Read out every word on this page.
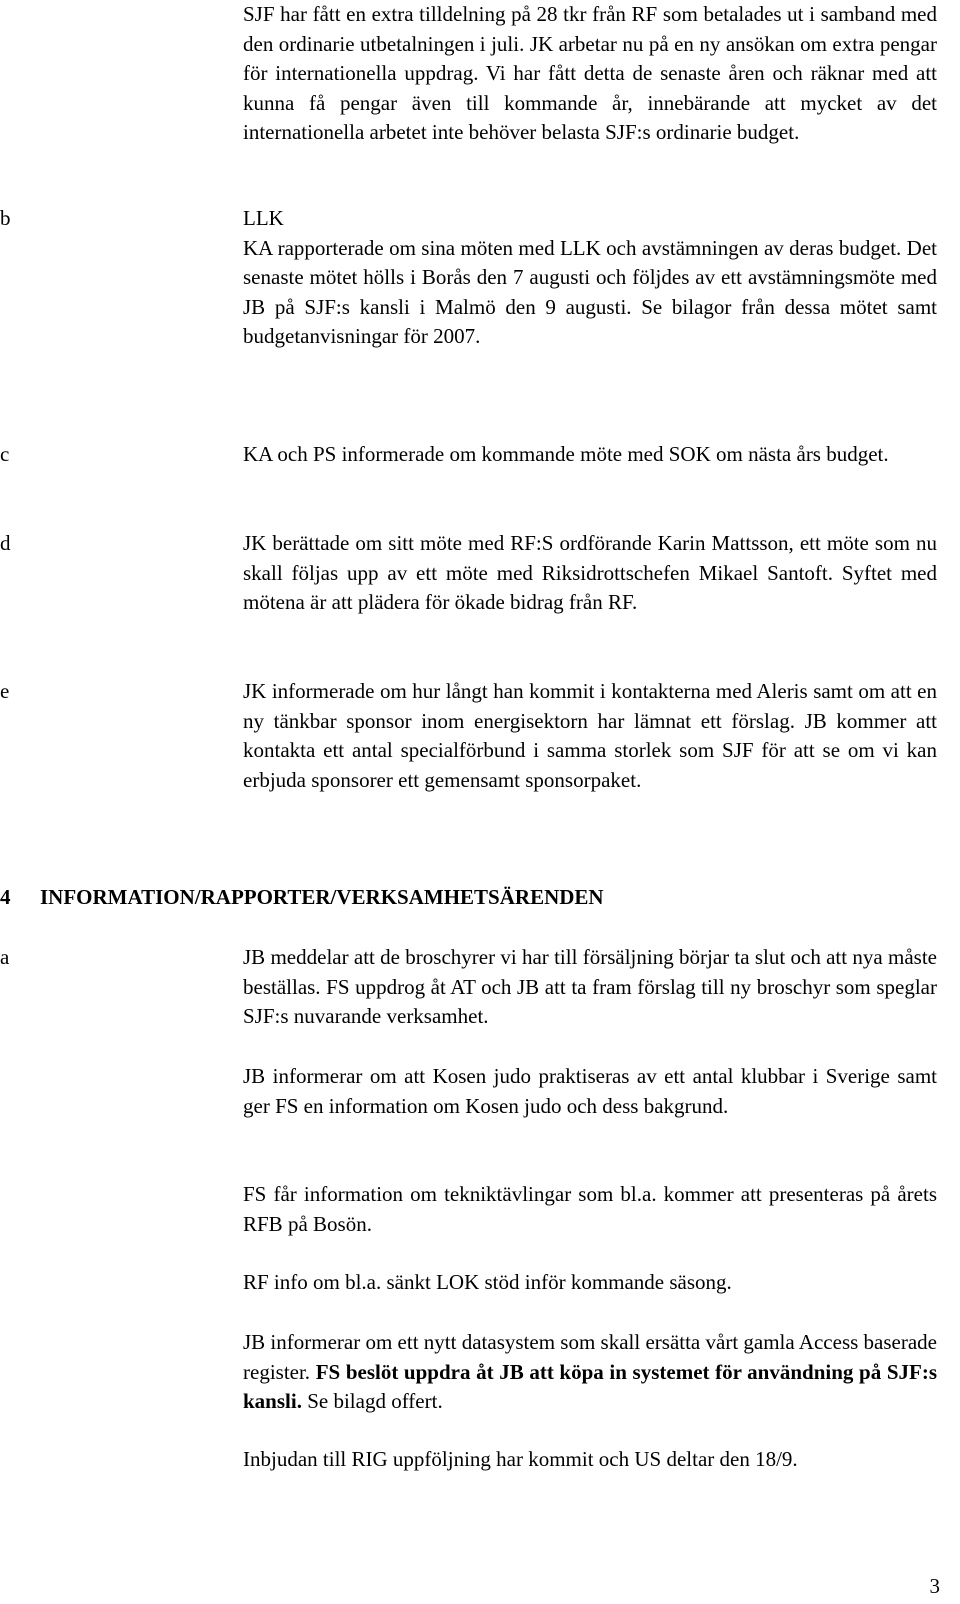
SJF har fått en extra tilldelning på 28 tkr från RF som betalades ut i samband med den ordinarie utbetalningen i juli. JK arbetar nu på en ny ansökan om extra pengar för internationella uppdrag. Vi har fått detta de senaste åren och räknar med att kunna få pengar även till kommande år, innebärande att mycket av det internationella arbetet inte behöver belasta SJF:s ordinarie budget.

b	LLK

KA rapporterade om sina möten med LLK och avstämningen av deras budget. Det senaste mötet hölls i Borås den 7 augusti och följdes av ett avstämningsmöte med JB på SJF:s kansli i Malmö den 9 augusti. Se bilagor från dessa mötet samt budgetanvisningar för 2007.

c	KA och PS informerade om kommande möte med SOK om nästa års budget.

d	JK berättade om sitt möte med RF:S ordförande Karin Mattsson, ett möte som nu skall följas upp av ett möte med Riksidrottschefen Mikael Santoft. Syftet med mötena är att plädera för ökade bidrag från RF.

e	JK informerade om hur långt han kommit i kontakterna med Aleris samt om att en ny tänkbar sponsor inom energisektorn har lämnat ett förslag. JB kommer att kontakta ett antal specialförbund i samma storlek som SJF för att se om vi kan erbjuda sponsorer ett gemensamt sponsorpaket.

4 INFORMATION/RAPPORTER/VERKSAMHETSÄRENDEN
a	JB meddelar att de broschyrer vi har till försäljning börjar ta slut och att nya måste beställas. FS uppdrog åt AT och JB att ta fram förslag till ny broschyr som speglar SJF:s nuvarande verksamhet.

JB informerar om att Kosen judo praktiseras av ett antal klubbar i Sverige samt ger FS en information om Kosen judo och dess bakgrund.

FS får information om tekniktävlingar som bl.a. kommer att presenteras på årets RFB på Bosön.

RF info om bl.a. sänkt LOK stöd inför kommande säsong.

JB informerar om ett nytt datasystem som skall ersätta vårt gamla Access baserade register. FS beslöt uppdra åt JB att köpa in systemet för användning på SJF:s kansli. Se bilagd offert.

Inbjudan till RIG uppföljning har kommit och US deltar den 18/9.

3
